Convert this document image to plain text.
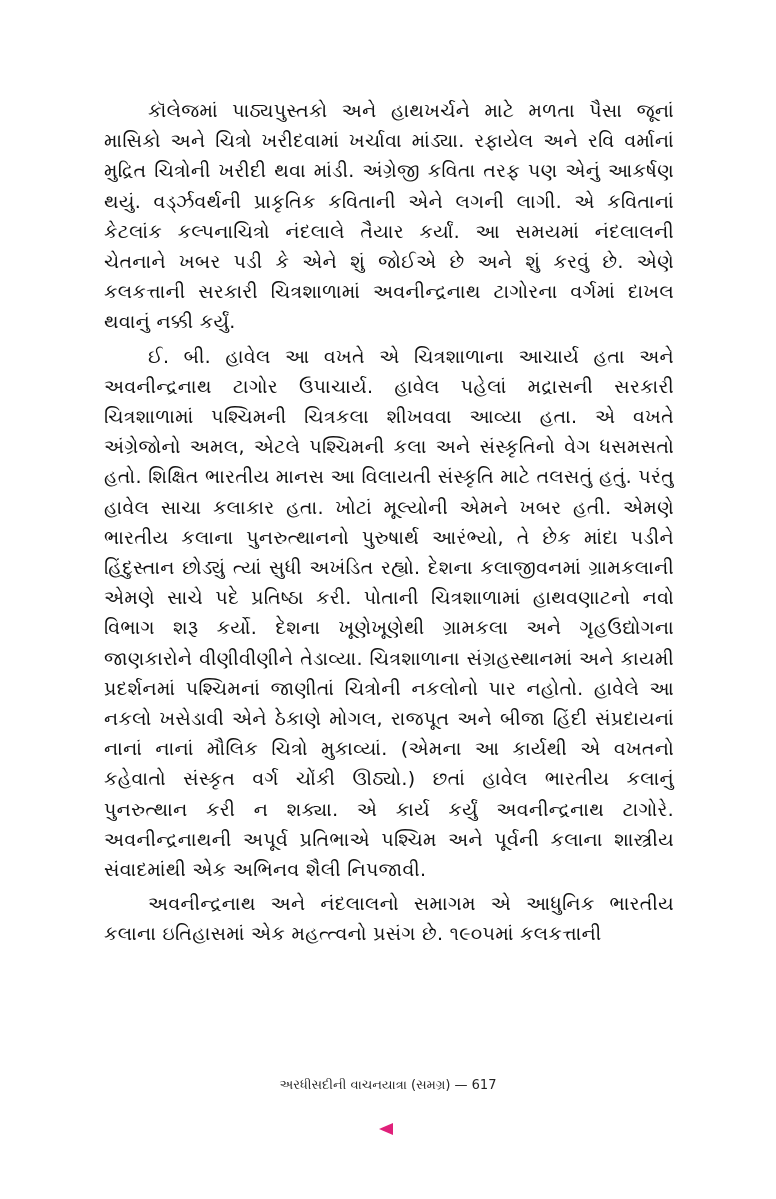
કૉલેજમાં પાઠ્યપુસ્તકો અને હાથખર્ચને માટે મળતા પૈસા જૂનાં માસિકો અને ચિત્રો ખરીદવામાં ખર્ચાવા માંડ્યા. રફાયેલ અને રવિ વર્માનાં મુદ્રિત ચિત્રોની ખરીદી થવા માંડી. અંગ્રેજી કવિતા તરફ પણ એનું આકર્ષણ થયું. વર્ડ્ઝવર્થની પ્રાકૃતિક કવિતાની એને લગની લાગી. એ કવિતાનાં કેટલાંક કલ્પનાચિત્રો નંદલાલે તૈયાર કર્યાં. આ સમયમાં નંદલાલની ચેતનાને ખબર પડી કે એને શું જોઈએ છે અને શું કરવું છે. એણે કલકત્તાની સરકારી ચિત્રશાળામાં અવનીન્દ્રનાથ ટાગોરના વર્ગમાં દાખલ થવાનું નક્કી કર્યું.

ઈ. બી. હાવેલ આ વખતે એ ચિત્રશાળાના આચાર્ય હતા અને અવનીન્દ્રનાથ ટાગોર ઉપાચાર્ય. હાવેલ પહેલાં મદ્રાસની સરકારી ચિત્રશાળામાં પશ્ચિમની ચિત્રકલા શીખવવા આવ્યા હતા. એ વખતે અંગ્રેજોનો અમલ, એટલે પશ્ચિમની કલા અને સંસ્કૃતિનો વેગ ધસમસતો હતો. શિક્ષિત ભારતીય માનસ આ વિલાયતી સંસ્કૃતિ માટે તલસતું હતું. પરંતુ હાવેલ સાચા કલાકાર હતા. ખોટાં મૂલ્યોની એમને ખબર હતી. એમણે ભારતીય કલાના પુનરુત્થાનનો પુરુષાર્થ આરંભ્યો, તે છેક માંદા પડીને હિંદુસ્તાન છોડ્યું ત્યાં સુધી અખંડિત રહ્યો. દેશના કલાજીવનમાં ગ્રામકલાની એમણે સાચે પદે પ્રતિષ્ઠા કરી. પોતાની ચિત્રશાળામાં હાથવણાટનો નવો વિભાગ શરૂ કર્યો. દેશના ખૂણેખૂણેથી ગ્રામકલા અને ગૃહઉદ્યોગના જાણકારોને વીણીવીણીને તેડાવ્યા. ચિત્રશાળાના સંગ્રહસ્થાનમાં અને કાયમી પ્રદર્શનમાં પશ્ચિમનાં જાણીતાં ચિત્રોની નકલોનો પાર નહોતો. હાવેલે આ નકલો ખસેડાવી એને ઠેકાણે મોગલ, રાજપૂત અને બીજા હિંદી સંપ્રદાયનાં નાનાં નાનાં મૌલિક ચિત્રો મુકાવ્યાં. (એમના આ કાર્યથી એ વખતનો કહેવાતો સંસ્કૃત વર્ગ ચોંકી ઊઠ્યો.) છતાં હાવેલ ભારતીય કલાનું પુનરુત્થાન કરી ન શક્યા. એ કાર્ય કર્યું અવનીન્દ્રનાથ ટાગોરે. અવનીન્દ્રનાથની અપૂર્વ પ્રતિભાએ પશ્ચિમ અને પૂર્વની કલાના શાસ્ત્રીય સંવાદમાંથી એક અભિનવ શૈલી નિપજાવી.

અવનીન્દ્રનાથ અને નંદલાલનો સમાગમ એ આધુનિક ભારતીય કલાના ઇતિહાસમાં એક મહત્ત્વનો પ્રસંગ છે. ૧૯૦૫માં કલકત્તાની

અરધીસદીની વાચનયાત્રા (સમગ્ર) — 617
